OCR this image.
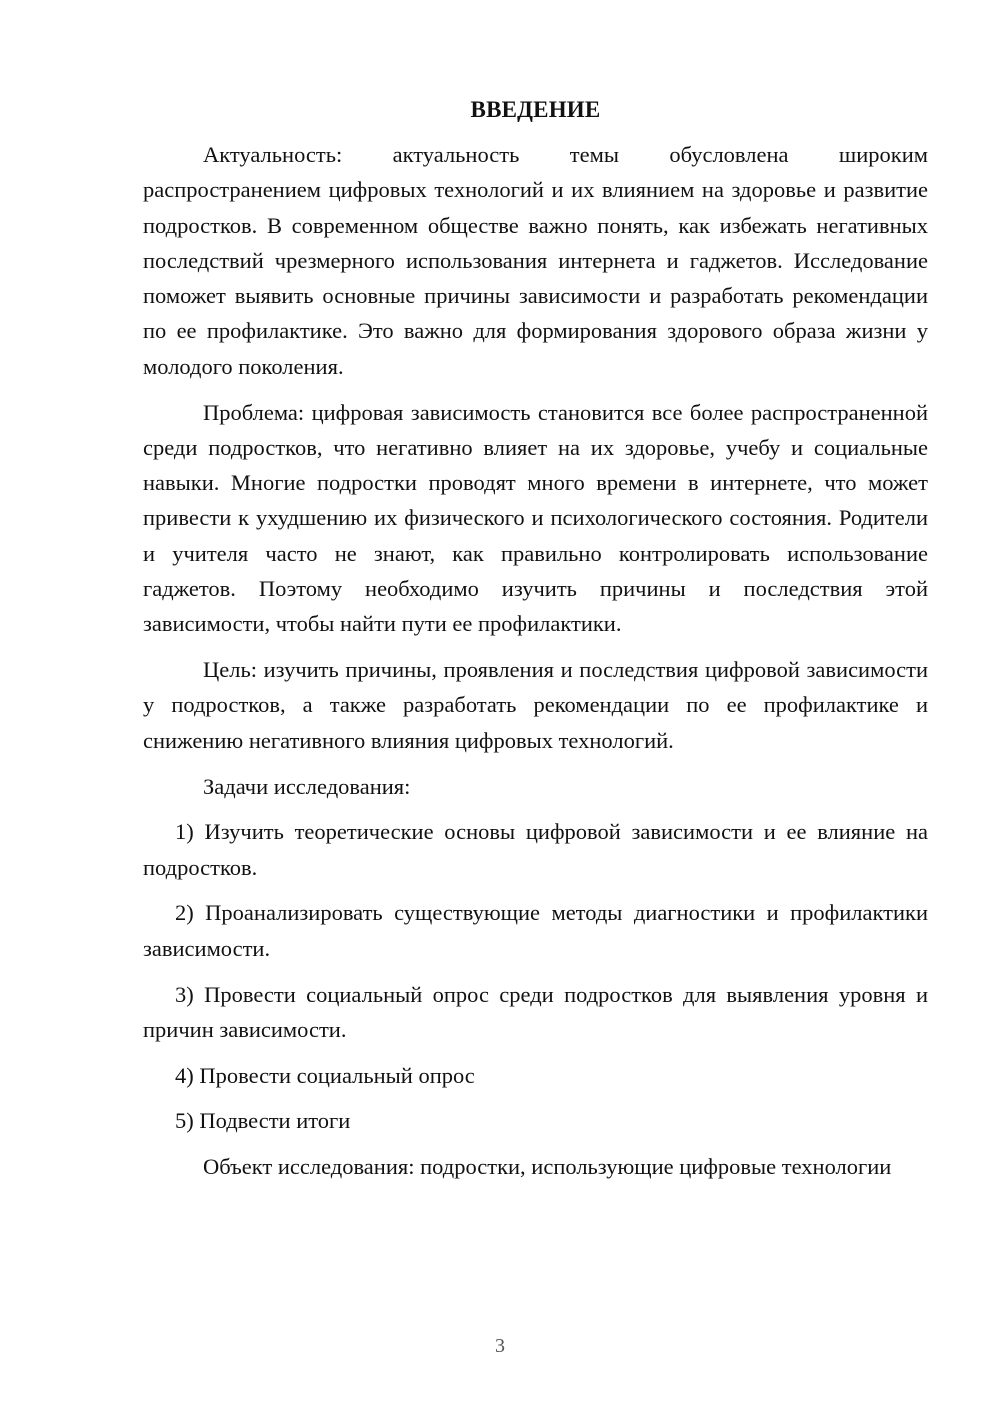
ВВЕДЕНИЕ

Актуальность: актуальность темы обусловлена широким распространением цифровых технологий и их влиянием на здоровье и развитие подростков. В современном обществе важно понять, как избежать негативных последствий чрезмерного использования интернета и гаджетов. Исследование поможет выявить основные причины зависимости и разработать рекомендации по ее профилактике. Это важно для формирования здорового образа жизни у молодого поколения.

Проблема: цифровая зависимость становится все более распространенной среди подростков, что негативно влияет на их здоровье, учебу и социальные навыки. Многие подростки проводят много времени в интернете, что может привести к ухудшению их физического и психологического состояния. Родители и учителя часто не знают, как правильно контролировать использование гаджетов. Поэтому необходимо изучить причины и последствия этой зависимости, чтобы найти пути ее профилактики.

Цель: изучить причины, проявления и последствия цифровой зависимости у подростков, а также разработать рекомендации по ее профилактике и снижению негативного влияния цифровых технологий.

Задачи исследования:

1) Изучить теоретические основы цифровой зависимости и ее влияние на подростков.

2) Проанализировать существующие методы диагностики и профилактики зависимости.

3) Провести социальный опрос среди подростков для выявления уровня и причин зависимости.

4) Провести социальный опрос

5) Подвести итоги

Объект исследования: подростки, использующие цифровые технологии

3
